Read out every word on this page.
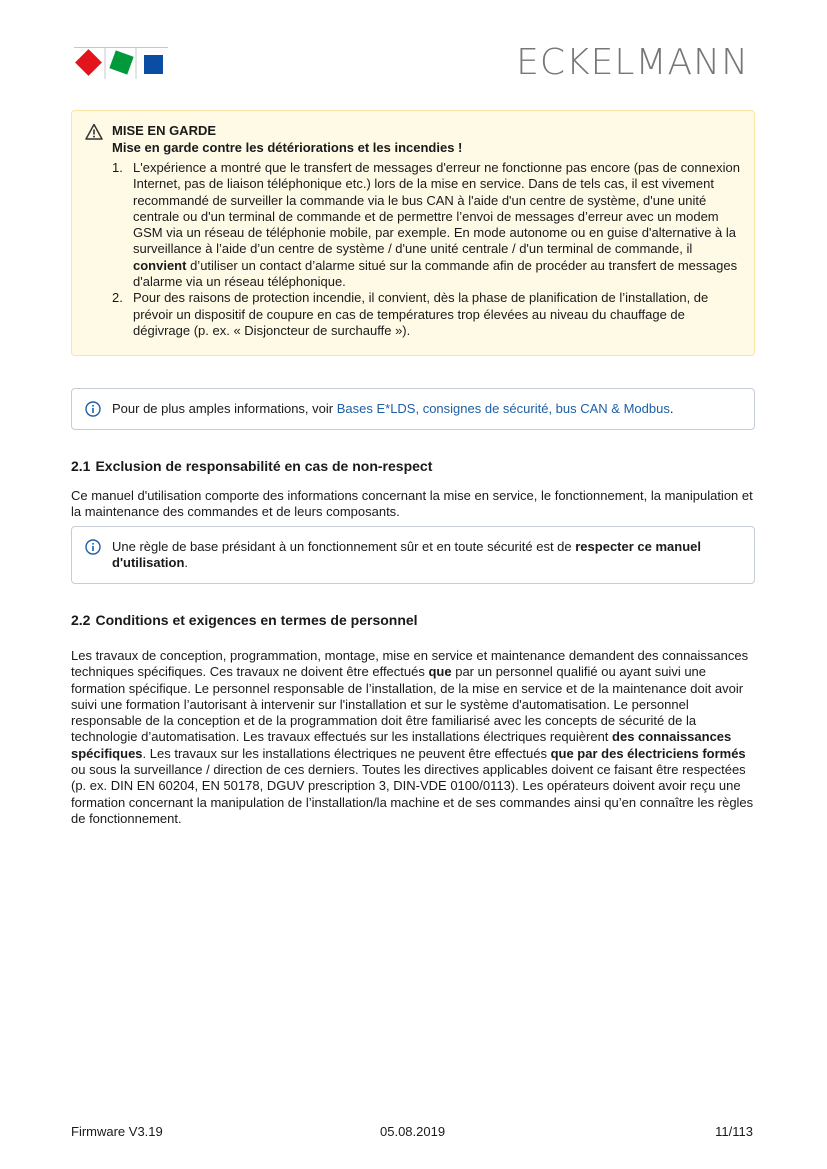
ECKELMANN
MISE EN GARDE
Mise en garde contre les détériorations et les incendies !
1. L'expérience a montré que le transfert de messages d'erreur ne fonctionne pas encore (pas de connexion Internet, pas de liaison téléphonique etc.) lors de la mise en service. Dans de tels cas, il est vivement recommandé de surveiller la commande via le bus CAN à l'aide d'un centre de système, d'une unité centrale ou d'un terminal de commande et de permettre l’envoi de messages d’erreur avec un modem GSM via un réseau de téléphonie mobile, par exemple. En mode autonome ou en guise d'alternative à la surveillance à l’aide d’un centre de système / d'une unité centrale / d'un terminal de commande, il convient d’utiliser un contact d’alarme situé sur la commande afin de procéder au transfert de messages d'alarme via un réseau téléphonique.
2. Pour des raisons de protection incendie, il convient, dès la phase de planification de l’installation, de prévoir un dispositif de coupure en cas de températures trop élevées au niveau du chauffage de dégivrage (p. ex. « Disjoncteur de surchauffe »).
Pour de plus amples informations, voir Bases E*LDS, consignes de sécurité, bus CAN & Modbus.
2.1 Exclusion de responsabilité en cas de non-respect

Ce manuel d'utilisation comporte des informations concernant la mise en service, le fonctionnement, la manipulation et la maintenance des commandes et de leurs composants.

Une règle de base présidant à un fonctionnement sûr et en toute sécurité est de respecter ce manuel d'utilisation.
2.2 Conditions et exigences en termes de personnel

Les travaux de conception, programmation, montage, mise en service et maintenance demandent des connaissances techniques spécifiques. Ces travaux ne doivent être effectués que par un personnel qualifié ou ayant suivi une formation spécifique. Le personnel responsable de l’installation, de la mise en service et de la maintenance doit avoir suivi une formation l’autorisant à intervenir sur l'installation et sur le système d'automatisation. Le personnel responsable de la conception et de la programmation doit être familiarisé avec les concepts de sécurité de la technologie d’automatisation. Les travaux effectués sur les installations électriques requièrent des connaissances spécifiques. Les travaux sur les installations électriques ne peuvent être effectués que par des électriciens formés ou sous la surveillance / direction de ces derniers. Toutes les directives applicables doivent ce faisant être respectées (p. ex. DIN EN 60204, EN 50178, DGUV prescription 3, DIN-VDE 0100/0113). Les opérateurs doivent avoir reçu une formation concernant la manipulation de l’installation/la machine et de ses commandes ainsi qu’en connaître les règles de fonctionnement.

Firmware V3.19	05.08.2019	11/113
